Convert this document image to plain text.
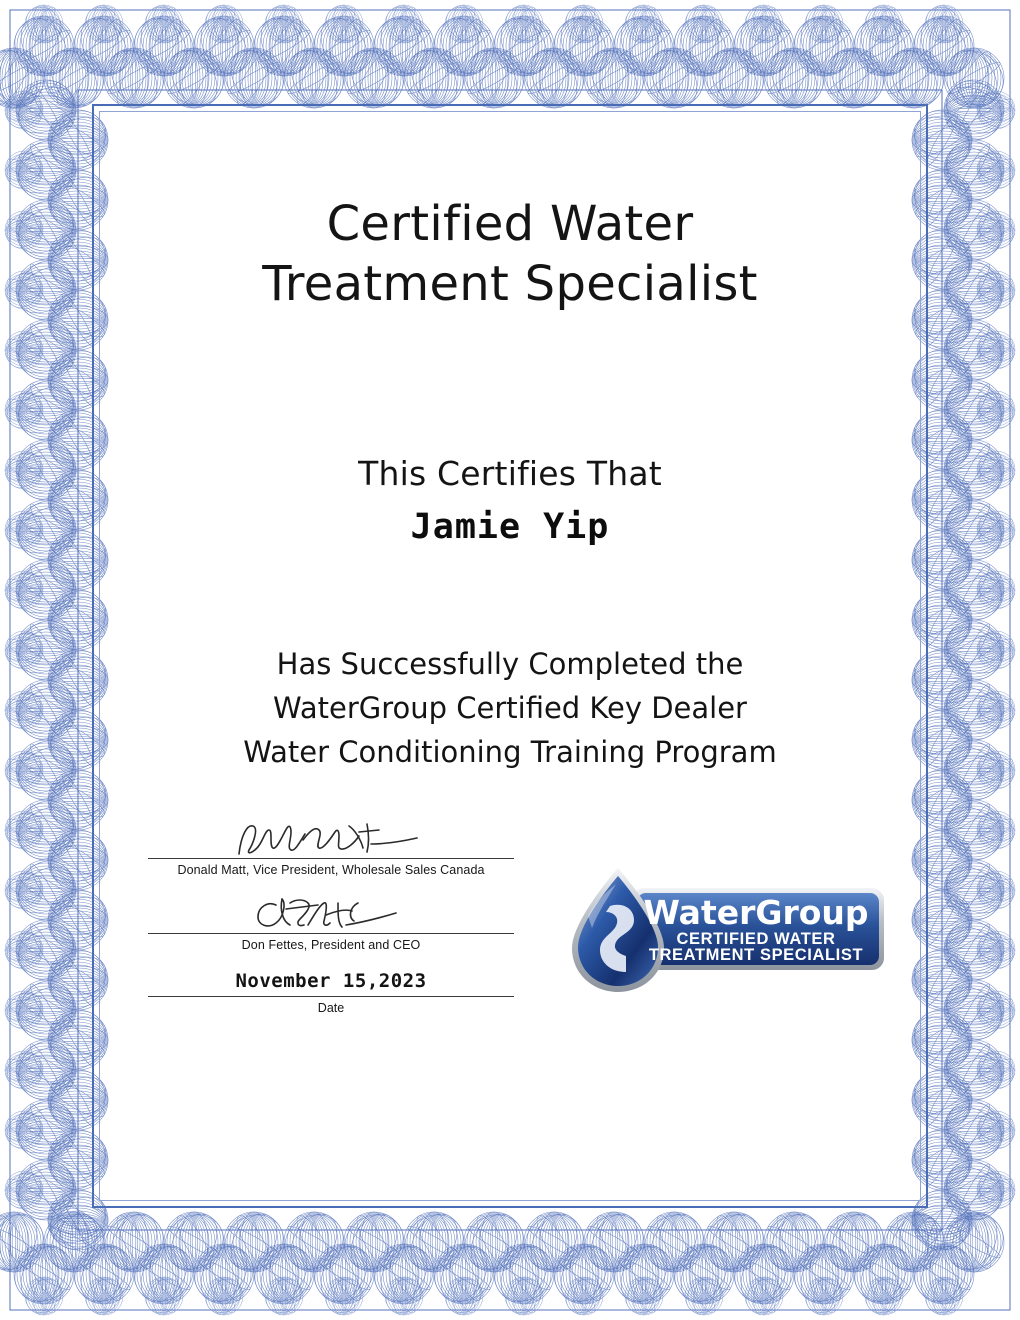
Certified Water
Treatment Specialist
This Certifies That
Jamie Yip
Has Successfully Completed the
WaterGroup Certified Key Dealer
Water Conditioning Training Program
Donald Matt, Vice President, Wholesale Sales Canada
Don Fettes, President and CEO
November 15,2023
Date
WaterGroup
CERTIFIED WATER
TREATMENT SPECIALIST
